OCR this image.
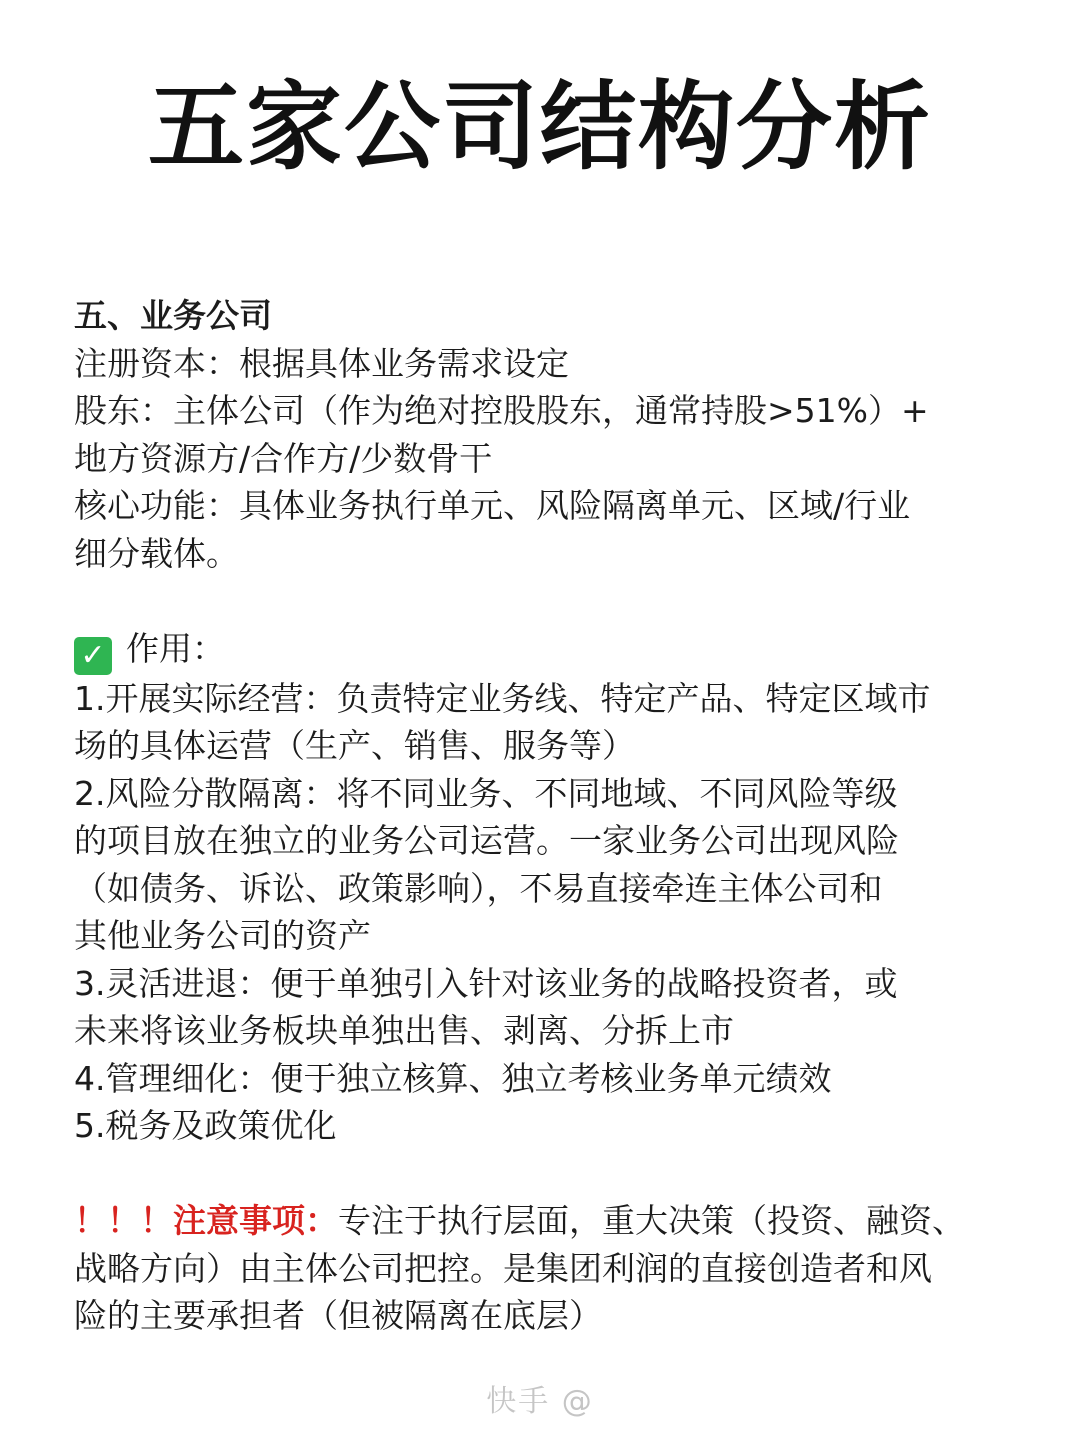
五家公司结构分析
五、业务公司
注册资本：根据具体业务需求设定
股东：主体公司（作为绝对控股股东，通常持股>51%）+
地方资源方/合作方/少数骨干
核心功能：具体业务执行单元、风险隔离单元、区域/行业
细分载体。
✓ 作用：
1.开展实际经营：负责特定业务线、特定产品、特定区域市
场的具体运营（生产、销售、服务等）
2.风险分散隔离：将不同业务、不同地域、不同风险等级
的项目放在独立的业务公司运营。一家业务公司出现风险
（如债务、诉讼、政策影响），不易直接牵连主体公司和
其他业务公司的资产
3.灵活进退：便于单独引入针对该业务的战略投资者，或
未来将该业务板块单独出售、剥离、分拆上市
4.管理细化：便于独立核算、独立考核业务单元绩效
5.税务及政策优化
！！！注意事项：专注于执行层面，重大决策（投资、融资、
战略方向）由主体公司把控。是集团利润的直接创造者和风
险的主要承担者（但被隔离在底层）
快手 @
